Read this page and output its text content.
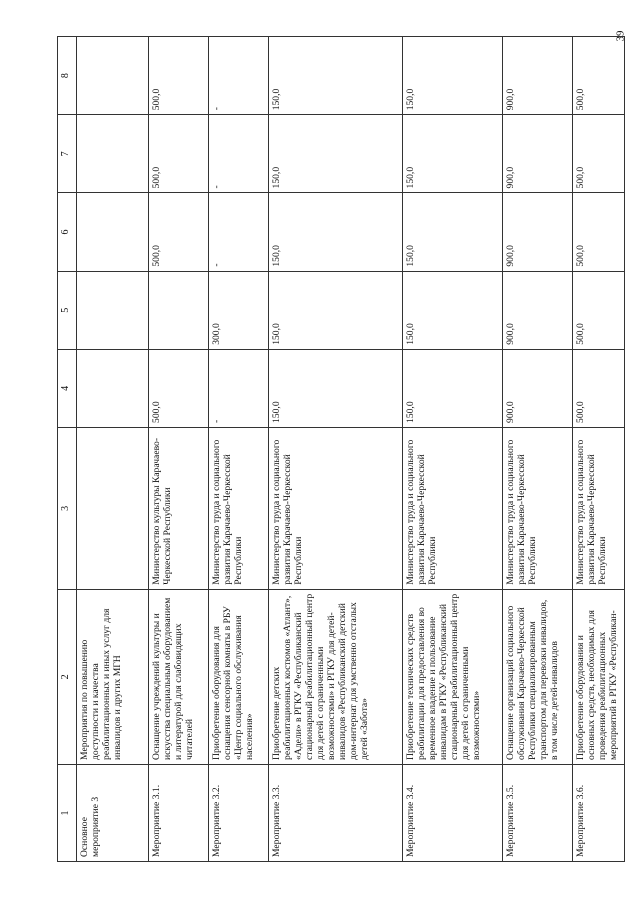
39
1	2	3	4	5	6	7	8
Основное мероприятие 3	Мероприятия по повышению доступности и качества реабилитационных и иных услуг для инвалидов и других МГН						
Мероприятие 3.1.	Оснащение учреждений культуры и искусства специальным оборудованием и литературой для слабовидящих читателей	Министерство культуры Карачаево-Черкесской Республики	500,0		500,0	500,0	500,0
Мероприятие 3.2.	Приобретение оборудования для оснащения сенсорной комнаты в РБУ «Центр социального обслуживания населения»	Министерство труда и социального развития Карачаево-Черкесской Республики	-	300,0	-	-	-
Мероприятие 3.3.	Приобретение детских реабилитационных костюмов «Атлант», «Адели» в РГКУ «Республиканский стационарный реабилитационный центр для детей с ограниченными возможностями» и РГКУ для детей-инвалидов «Республиканский детский дом-интернат для умственно отсталых детей «Забота»	Министерство труда и социального развития Карачаево-Черкесской Республики	150,0	150,0	150,0	150,0	150,0
Мероприятие 3.4.	Приобретение технических средств реабилитации для предоставления во временное владение и пользование инвалидам в РГКУ «Республиканский стационарный реабилитационный центр для детей с ограниченными возможностями»	Министерство труда и социального развития Карачаево-Черкесской Республики	150,0	150,0	150,0	150,0	150,0
Мероприятие 3.5.	Оснащение организаций социального обслуживания Карачаево-Черкесской Республики специализированным транспортом для перевозки инвалидов, в том числе детей-инвалидов	Министерство труда и социального развития Карачаево-Черкесской Республики	900,0	900,0	900,0	900,0	900,0
Мероприятие 3.6.	Приобретение оборудования и основных средств, необходимых для проведения реабилитационных мероприятий в РГКУ «Республикан-	Министерство труда и социального развития Карачаево-Черкесской Республики	500,0	500,0	500,0	500,0	500,0
